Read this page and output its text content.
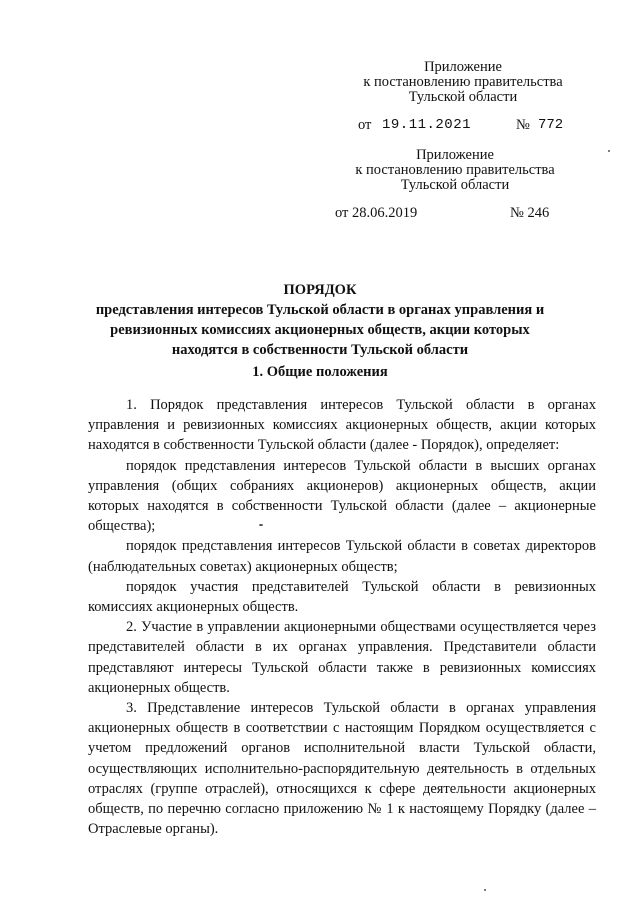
Приложение
к постановлению правительства
Тульской области
от 19.11.2021	№ 772
Приложение
к постановлению правительства
Тульской области
от 28.06.2019	№ 246
ПОРЯДОК
представления интересов Тульской области в органах управления и ревизионных комиссиях акционерных обществ, акции которых находятся в собственности Тульской области
1. Общие положения

1. Порядок представления интересов Тульской области в органах управления и ревизионных комиссиях акционерных обществ, акции которых находятся в собственности Тульской области (далее - Порядок), определяет:

порядок представления интересов Тульской области в высших органах управления (общих собраниях акционеров) акционерных обществ, акции которых находятся в собственности Тульской области (далее – акционерные общества);

порядок представления интересов Тульской области в советах директоров (наблюдательных советах) акционерных обществ;

порядок участия представителей Тульской области в ревизионных комиссиях акционерных обществ.

2. Участие в управлении акционерными обществами осуществляется через представителей области в их органах управления. Представители области представляют интересы Тульской области также в ревизионных комиссиях акционерных обществ.

3. Представление интересов Тульской области в органах управления акционерных обществ в соответствии с настоящим Порядком осуществляется с учетом предложений органов исполнительной власти Тульской области, осуществляющих исполнительно-распорядительную деятельность в отдельных отраслях (группе отраслей), относящихся к сфере деятельности акционерных обществ, по перечню согласно приложению № 1 к настоящему Порядку (далее – Отраслевые органы).
